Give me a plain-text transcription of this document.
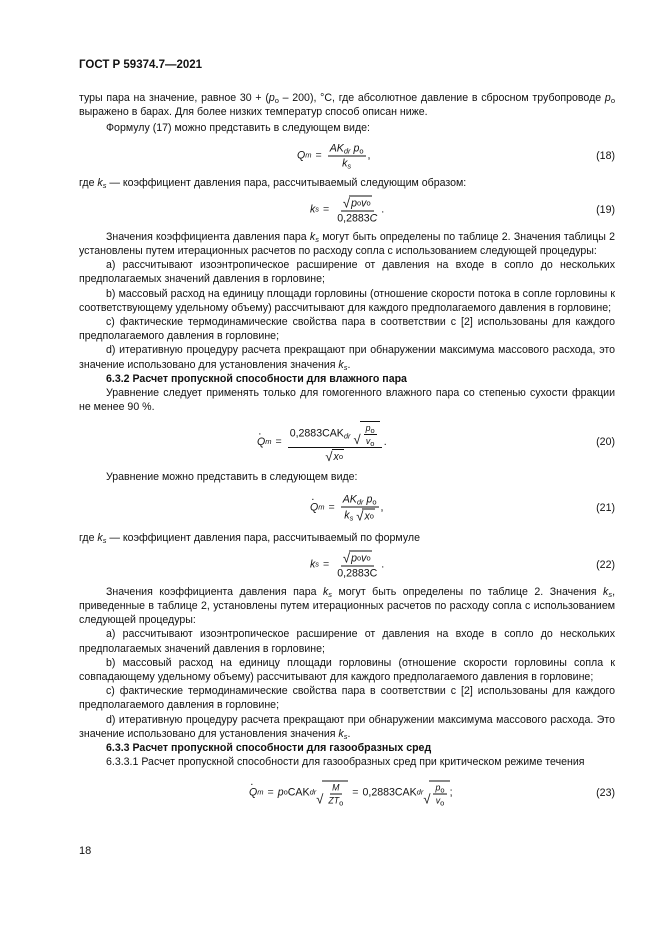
ГОСТ Р 59374.7—2021

туры пара на значение, равное $30 + (p_o - 200)$, °С, где абсолютное давление в сбросном трубопроводе $p_o$ выражено в барах. Для более низких температур способ описан ниже.

Формулу (17) можно представить в следующем виде:

Q $m = \frac{AK_{dr} p_o}{k_s}$ ,	(18)

где $k_s$ — коэффициент давления пара, рассчитываемый следующим образом:

k $s = \frac{\text{√ p o v o}}{0,2883C}$ .	(19)

Значения коэффициента давления пара $k_s$ могут быть определены по таблице 2. Значения таблицы 2 установлены путем итерационных расчетов по расходу сопла с использованием следующей процедуры:

a) рассчитывают изоэнтропическое расширение от давления на входе в сопло до нескольких предполагаемых значений давления в горловине;

b) массовый расход на единицу площади горловины (отношение скорости потока в сопле горловины к соответствующему удельному объему) рассчитывают для каждого предполагаемого давления в горловине;

c) фактические термодинамические свойства пара в соответствии с [2] использованы для каждого предполагаемого давления в горловине;

d) итеративную процедуру расчета прекращают при обнаружении максимума массового расхода, это значение использовано для установления значения $k_s$.

6.3.2 Расчет пропускной способности для влажного пара

Уравнение следует применять только для гомогенного влажного пара со степенью сухости фракции не менее 90 %.

· Q $m = \frac{0,2883CAK_{dr} √ \frac{p_o}{v_o}}{\text{√ x o}}$ .	(20)

Уравнение можно представить в следующем виде:

· Q $m = \frac{AK_{dr} p_o}{k_s √ x o}$ ,	(21)

где $k_s$ — коэффициент давления пара, рассчитываемый по формуле

k $s = \frac{\text{√ p o v o}}{0,2883C}$ .	(22)

Значения коэффициента давления пара $k_s$ могут быть определены по таблице 2. Значения $k_s$, приведенные в таблице 2, установлены путем итерационных расчетов по расходу сопла с использованием следующей процедуры:

a) рассчитывают изоэнтропическое расширение от давления на входе в сопло до нескольких предполагаемых значений давления в горловине;

b) массовый расход на единицу площади горловины (отношение скорости горловины сопла к совпадающему удельному объему) рассчитывают для каждого предполагаемого давления в горловине;

c) фактические термодинамические свойства пара в соответствии с [2] использованы для каждого предполагаемого давления в горловине;

d) итеративную процедуру расчета прекращают при обнаружении максимума массового расхода. Это значение использовано для установления значения $k_s$.

6.3.3 Расчет пропускной способности для газообразных сред

6.3.3.1 Расчет пропускной способности для газообразных сред при критическом режиме течения

· Q m = p o CAK dr √ $\frac{M}{ZT_o} = 0,2883CAK$ dr √ $\frac{p_o}{v_o}$ ;	(23)
18
